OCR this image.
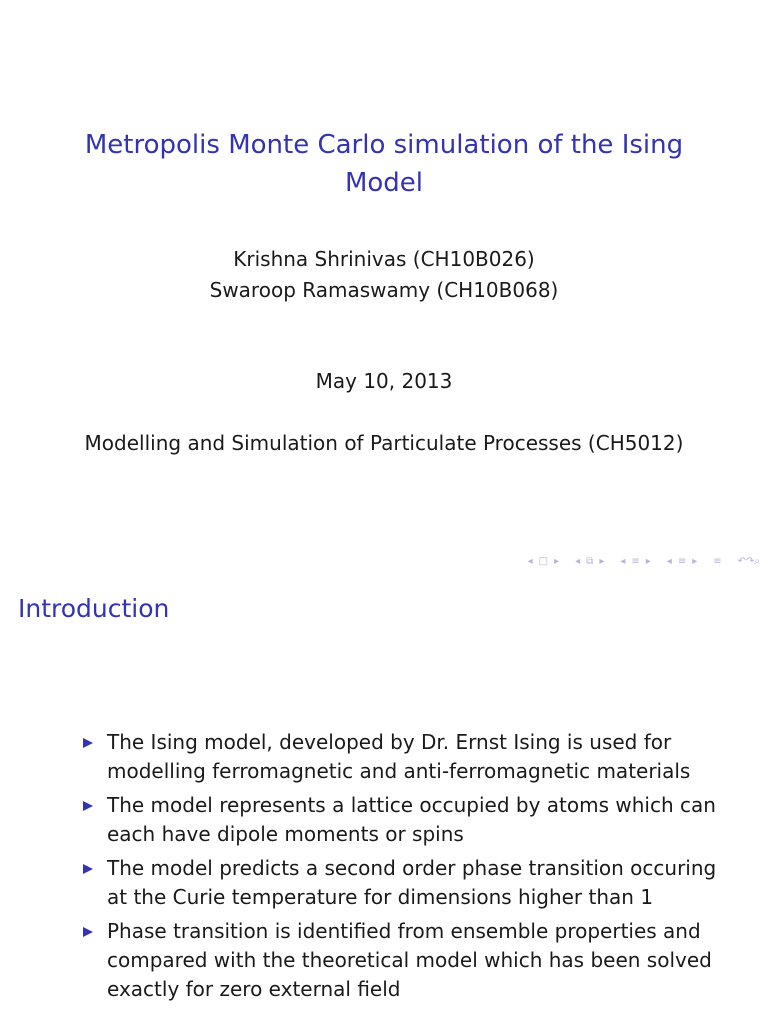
Metropolis Monte Carlo simulation of the Ising Model
Krishna Shrinivas (CH10B026)
Swaroop Ramaswamy (CH10B068)
May 10, 2013
Modelling and Simulation of Particulate Processes (CH5012)
◂ □ ▸ ◂ ⧉ ▸ ◂ ≡ ▸ ◂ ≡ ▸ ≡ ↶↷⌕
Introduction
The Ising model, developed by Dr. Ernst Ising is used for modelling ferromagnetic and anti-ferromagnetic materials
The model represents a lattice occupied by atoms which can each have dipole moments or spins
The model predicts a second order phase transition occuring at the Curie temperature for dimensions higher than 1
Phase transition is identified from ensemble properties and compared with the theoretical model which has been solved exactly for zero external field
